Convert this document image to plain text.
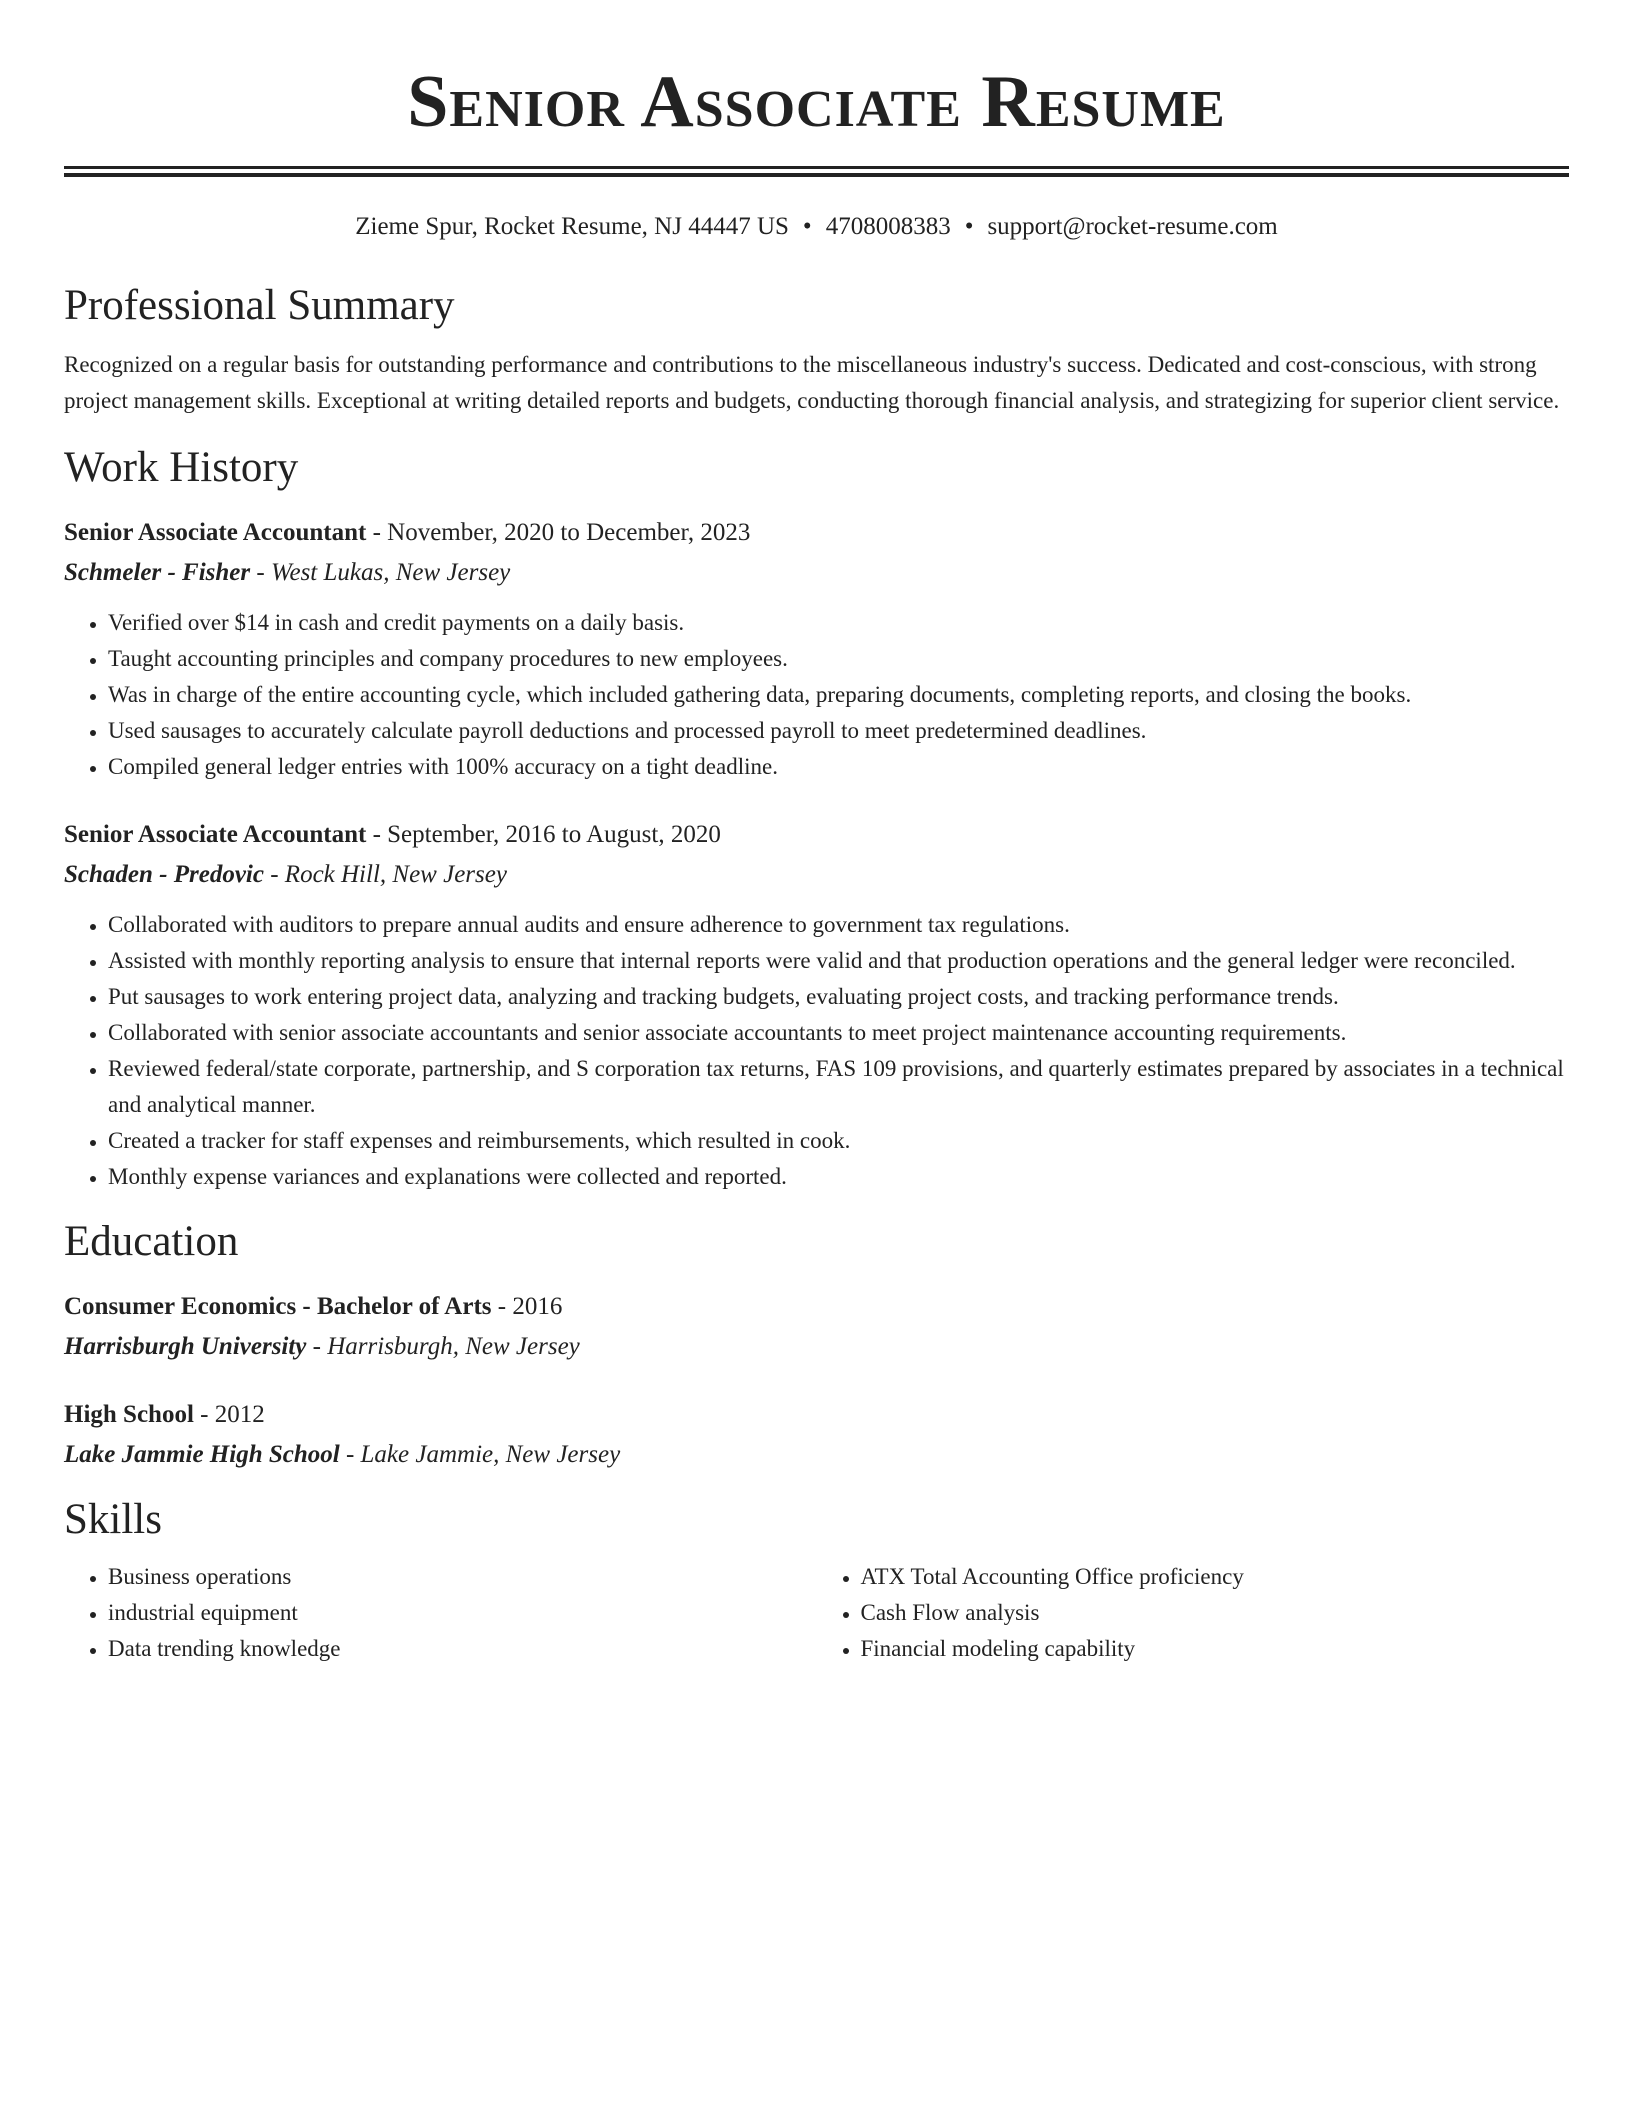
Senior Associate Resume
Zieme Spur, Rocket Resume, NJ 44447 US • 4708008383 • support@rocket-resume.com
Professional Summary
Recognized on a regular basis for outstanding performance and contributions to the miscellaneous industry's success. Dedicated and cost-conscious, with strong project management skills. Exceptional at writing detailed reports and budgets, conducting thorough financial analysis, and strategizing for superior client service.
Work History
Senior Associate Accountant - November, 2020 to December, 2023
Schmeler - Fisher - West Lukas, New Jersey
• Verified over $14 in cash and credit payments on a daily basis.
• Taught accounting principles and company procedures to new employees.
• Was in charge of the entire accounting cycle, which included gathering data, preparing documents, completing reports, and closing the books.
• Used sausages to accurately calculate payroll deductions and processed payroll to meet predetermined deadlines.
• Compiled general ledger entries with 100% accuracy on a tight deadline.
Senior Associate Accountant - September, 2016 to August, 2020
Schaden - Predovic - Rock Hill, New Jersey
• Collaborated with auditors to prepare annual audits and ensure adherence to government tax regulations.
• Assisted with monthly reporting analysis to ensure that internal reports were valid and that production operations and the general ledger were reconciled.
• Put sausages to work entering project data, analyzing and tracking budgets, evaluating project costs, and tracking performance trends.
• Collaborated with senior associate accountants and senior associate accountants to meet project maintenance accounting requirements.
• Reviewed federal/state corporate, partnership, and S corporation tax returns, FAS 109 provisions, and quarterly estimates prepared by associates in a technical and analytical manner.
• Created a tracker for staff expenses and reimbursements, which resulted in cook.
• Monthly expense variances and explanations were collected and reported.
Education
Consumer Economics - Bachelor of Arts - 2016
Harrisburgh University - Harrisburgh, New Jersey
High School - 2012
Lake Jammie High School - Lake Jammie, New Jersey
Skills
• Business operations
• industrial equipment
• Data trending knowledge
• ATX Total Accounting Office proficiency
• Cash Flow analysis
• Financial modeling capability
